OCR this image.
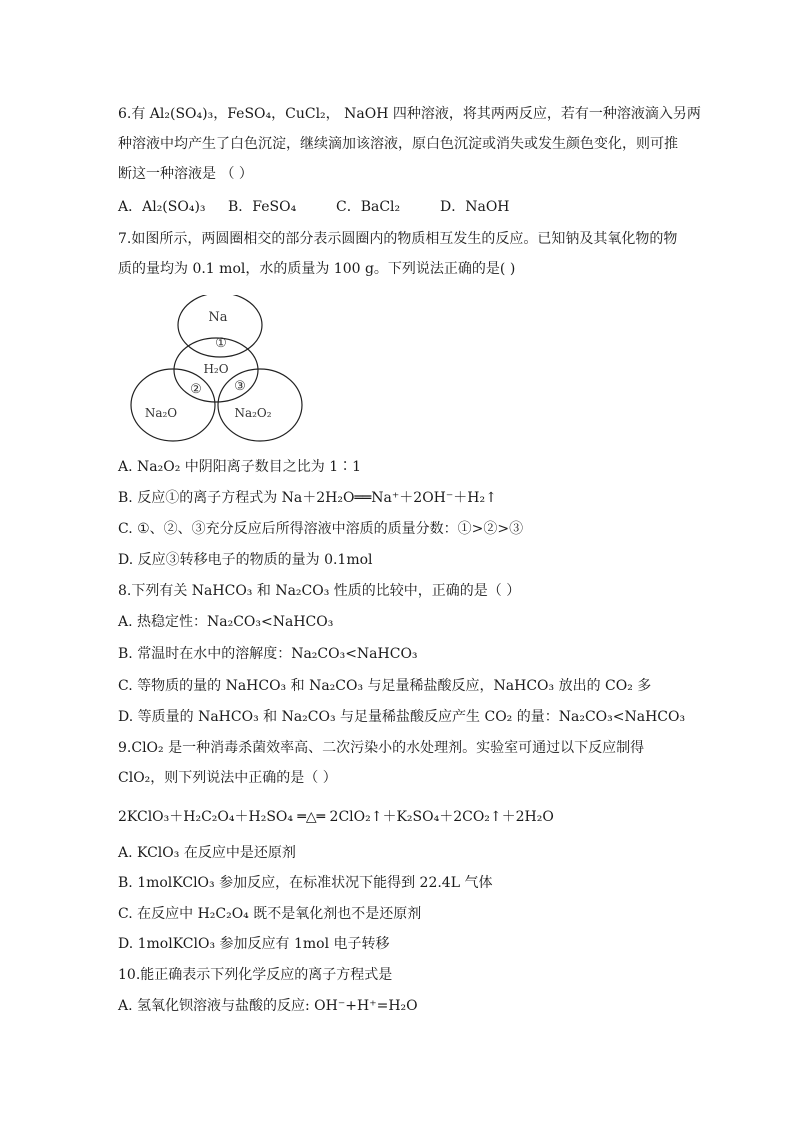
6.有 Al₂(SO₄)₃，FeSO₄，CuCl₂， NaOH 四种溶液，将其两两反应，若有一种溶液滴入另两
种溶液中均产生了白色沉淀，继续滴加该溶液，原白色沉淀或消失或发生颜色变化，则可推
断这一种溶液是 （ ）
A．Al₂(SO₄)₃ B．FeSO₄	C．BaCl₂	D．NaOH
7.如图所示，两圆圈相交的部分表示圆圈内的物质相互发生的反应。已知钠及其氧化物的物
质的量均为 0.1 mol，水的质量为 100 g。下列说法正确的是( )
Na
①
H₂O
② ③
Na₂O	Na₂O₂
A. Na₂O₂ 中阴阳离子数目之比为 1∶1
B. 反应①的离子方程式为 Na＋2H₂O══Na⁺＋2OH⁻＋H₂↑
C. ①、②、③充分反应后所得溶液中溶质的质量分数：①>②>③
D. 反应③转移电子的物质的量为 0.1mol
8.下列有关 NaHCO₃ 和 Na₂CO₃ 性质的比较中，正确的是（ ）
A. 热稳定性：Na₂CO₃<NaHCO₃
B. 常温时在水中的溶解度：Na₂CO₃<NaHCO₃
C. 等物质的量的 NaHCO₃ 和 Na₂CO₃ 与足量稀盐酸反应，NaHCO₃ 放出的 CO₂ 多
D. 等质量的 NaHCO₃ 和 Na₂CO₃ 与足量稀盐酸反应产生 CO₂ 的量：Na₂CO₃<NaHCO₃
9.ClO₂ 是一种消毒杀菌效率高、二次污染小的水处理剂。实验室可通过以下反应制得
ClO₂，则下列说法中正确的是（ ）
2KClO₃＋H₂C₂O₄＋H₂SO₄ ═△═ 2ClO₂↑＋K₂SO₄＋2CO₂↑＋2H₂O
A. KClO₃ 在反应中是还原剂
B. 1molKClO₃ 参加反应，在标准状况下能得到 22.4L 气体
C. 在反应中 H₂C₂O₄ 既不是氧化剂也不是还原剂
D. 1molKClO₃ 参加反应有 1mol 电子转移
10.能正确表示下列化学反应的离子方程式是
A. 氢氧化钡溶液与盐酸的反应: OH⁻+H⁺=H₂O
